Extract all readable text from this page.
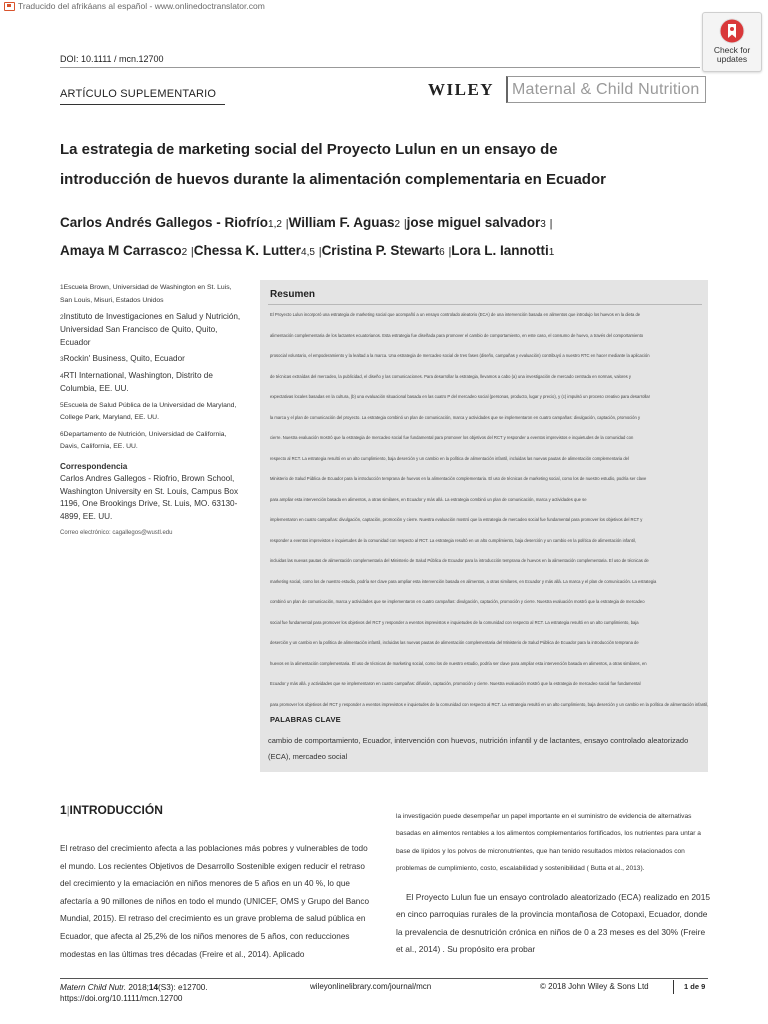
Traducido del afrikáans al español - www.onlinedoctranslator.com
Check for
updates
DOI: 10.1111 / mcn.12700
ARTÍCULO SUPLEMENTARIO	WILEY Maternal & Child Nutrition
La estrategia de marketing social del Proyecto Lulun en un ensayo de
introducción de huevos durante la alimentación complementaria en Ecuador
Carlos Andrés Gallegos - Riofrío1,2 |William F. Aguas2 |jose miguel salvador3 |
Amaya M Carrasco2 |Chessa K. Lutter4,5 |Cristina P. Stewart6 |Lora L. Iannotti1

1Escuela Brown, Universidad de Washington en St. Luis, San Louis, Misuri, Estados Unidos

2Instituto de Investigaciones en Salud y Nutrición, Universidad San Francisco de Quito, Quito, Ecuador

3Rockin' Business, Quito, Ecuador

4RTI International, Washington, Distrito de Columbia, EE. UU.

5Escuela de Salud Pública de la Universidad de Maryland, College Park, Maryland, EE. UU.

6Departamento de Nutrición, Universidad de California, Davis, California, EE. UU.

Correspondencia

Carlos Andres Gallegos - Riofrio, Brown School, Washington University en St. Louis, Campus Box 1196, One Brookings Drive, St. Luis, MO. 63130-4899, EE. UU.

Correo electrónico: cagallegos@wustl.edu

Resumen
El Proyecto Lulun incorporó una estrategia de marketing social que acompañó a un ensayo controlado aleatorio (ECA) de una intervención basada en alimentos que introdujo los huevos en la dieta de
alimentación complementaria de los lactantes ecuatorianos. Esta estrategia fue diseñada para promover el cambio de comportamiento, en este caso, el consumo de huevo, a través del comportamiento
prosocial voluntario, el empoderamiento y la lealtad a la marca. Una estrategia de mercadeo social de tres fases (diseño, campañas y evaluación) contribuyó a nuestro RTC en hacer mediante la aplicación
de técnicas extraídas del mercadeo, la publicidad, el diseño y las comunicaciones. Para desarrollar la estrategia, llevamos a cabo (a) una investigación de mercado centrada en normas, valores y
expectativas locales basadas en la cultura, (b) una evaluación situacional basada en las cuatro P del mercadeo social (personas, producto, lugar y precio), y (c) impulsó un proceso creativo para desarrollar
la marca y el plan de comunicación del proyecto. La estrategia combinó un plan de comunicación, marca y actividades que se implementaron en cuatro campañas: divulgación, captación, promoción y
cierre. Nuestra evaluación mostró que la estrategia de mercadeo social fue fundamental para promover los objetivos del RCT y responder a eventos imprevistos e inquietudes de la comunidad con
respecto al RCT. La estrategia resultó en un alto cumplimiento, baja deserción y un cambio en la política de alimentación infantil, incluidas las nuevas pautas de alimentación complementaria del
Ministerio de Salud Pública de Ecuador para la introducción temprana de huevos en la alimentación complementaria. El uso de técnicas de marketing social, como los de nuestro estudio, podría ser clave
para ampliar esta intervención basada en alimentos, a otras similares, en Ecuador y más allá. La estrategia combinó un plan de comunicación, marca y actividades que se
implementaron en cuatro campañas: divulgación, captación, promoción y cierre. Nuestra evaluación mostró que la estrategia de mercadeo social fue fundamental para promover los objetivos del RCT y
responder a eventos imprevistos e inquietudes de la comunidad con respecto al RCT. La estrategia resultó en un alto cumplimiento, baja deserción y un cambio en la política de alimentación infantil,
incluidas las nuevas pautas de alimentación complementaria del Ministerio de Salud Pública de Ecuador para la introducción temprana de huevos en la alimentación complementaria. El uso de técnicas de
marketing social, como los de nuestro estudio, podría ser clave para ampliar esta intervención basada en alimentos, a otras similares, en Ecuador y más allá. La marca y el plan de comunicación. La estrategia
combinó un plan de comunicación, marca y actividades que se implementaron en cuatro campañas: divulgación, captación, promoción y cierre. Nuestra evaluación mostró que la estrategia de mercadeo
social fue fundamental para promover los objetivos del RCT y responder a eventos imprevistos e inquietudes de la comunidad con respecto al RCT. La estrategia resultó en un alto cumplimiento, baja
deserción y un cambio en la política de alimentación infantil, incluidas las nuevas pautas de alimentación complementaria del Ministerio de Salud Pública de Ecuador para la introducción temprana de
huevos en la alimentación complementaria. El uso de técnicas de marketing social, como los de nuestro estudio, podría ser clave para ampliar esta intervención basada en alimentos, a otras similares, en
Ecuador y más allá. y actividades que se implementaron en cuatro campañas: difusión, captación, promoción y cierre. Nuestra evaluación mostró que la estrategia de mercadeo social fue fundamental
para promover los objetivos del RCT y responder a eventos imprevistos e inquietudes de la comunidad con respecto al RCT. La estrategia resultó en un alto cumplimiento, baja deserción y un cambio en la política de alimentación infantil,
PALABRAS CLAVE
cambio de comportamiento, Ecuador, intervención con huevos, nutrición infantil y de lactantes, ensayo controlado aleatorizado (ECA), mercadeo social
1|INTRODUCCIÓN
El retraso del crecimiento afecta a las poblaciones más pobres y vulnerables de todo el mundo. Los recientes Objetivos de Desarrollo Sostenible exigen reducir el retraso del crecimiento y la emaciación en niños menores de 5 años en un 40 %, lo que afectaría a 90 millones de niños en todo el mundo (UNICEF, OMS y Grupo del Banco Mundial, 2015). El retraso del crecimiento es un grave problema de salud pública en Ecuador, que afecta al 25,2% de los niños menores de 5 años, con reducciones modestas en las últimas tres décadas (Freire et al., 2014). Aplicado
la investigación puede desempeñar un papel importante en el suministro de evidencia de alternativas basadas en alimentos rentables a los alimentos complementarios fortificados, los nutrientes para untar a base de lípidos y los polvos de micronutrientes, que han tenido resultados mixtos relacionados con problemas de cumplimiento, costo, escalabilidad y sostenibilidad ( Butta et al., 2013).
El Proyecto Lulun fue un ensayo controlado aleatorizado (ECA) realizado en 2015 en cinco parroquias rurales de la provincia montañosa de Cotopaxi, Ecuador, donde la prevalencia de desnutrición crónica en niños de 0 a 23 meses es del 30% (Freire et al., 2014) . Su propósito era probar
Matern Child Nutr. 2018;14(S3): e12700.
https://doi.org/10.1111/mcn.12700
wileyonlinelibrary.com/journal/mcn	© 2018 John Wiley & Sons Ltd	1 de 9
